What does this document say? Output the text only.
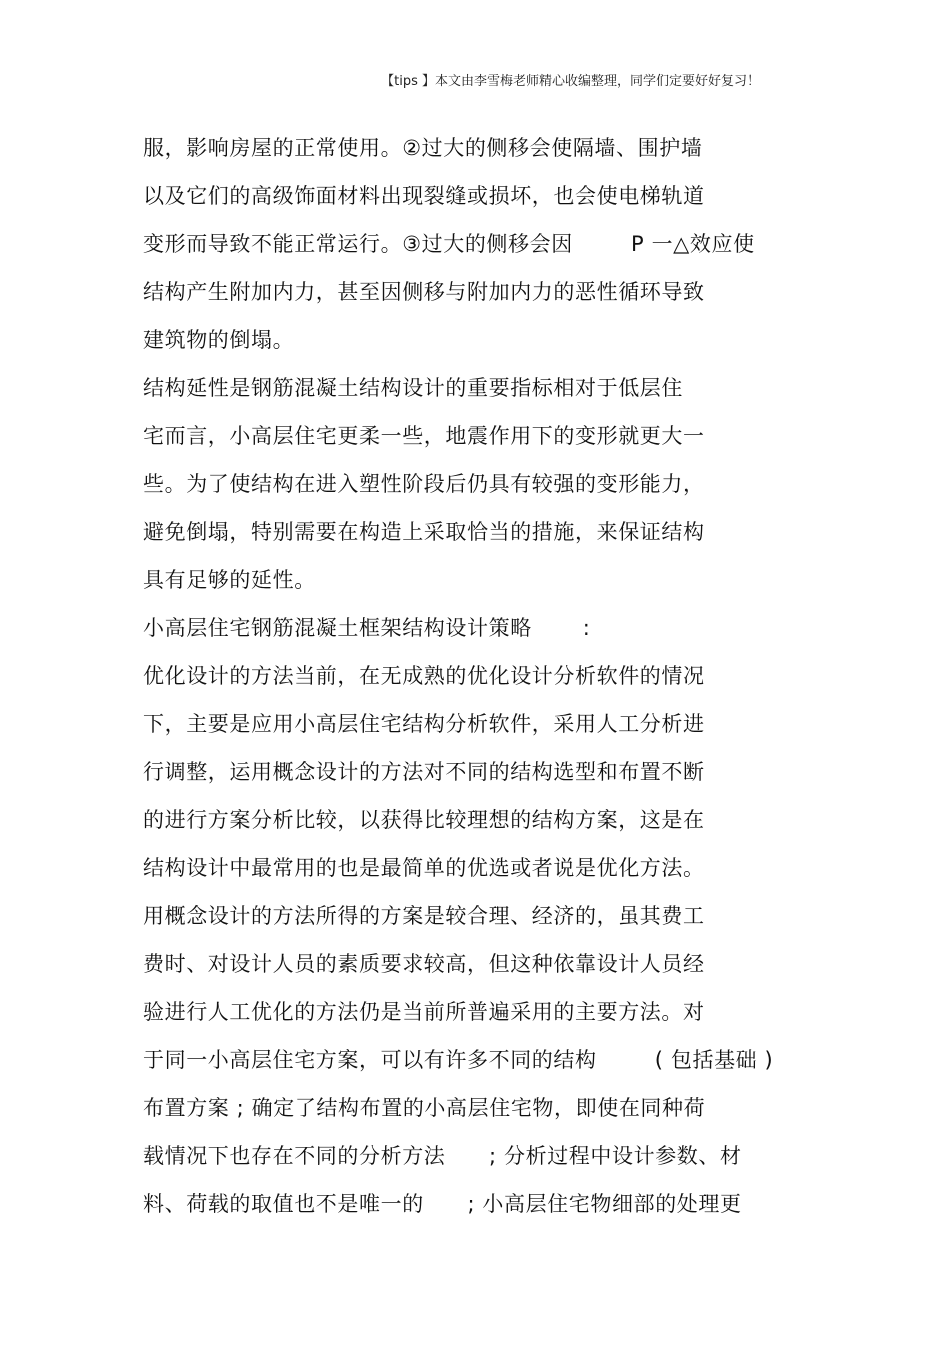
【tips 】本文由李雪梅老师精心收编整理，同学们定要好好复习！
服，影响房屋的正常使用。②过大的侧移会使隔墙、围护墙
以及它们的高级饰面材料出现裂缝或损坏，也会使电梯轨道
变形而导致不能正常运行。③过大的侧移会因        P 一△效应使
结构产生附加内力，甚至因侧移与附加内力的恶性循环导致
建筑物的倒塌。
结构延性是钢筋混凝土结构设计的重要指标相对于低层住
宅而言，小高层住宅更柔一些，地震作用下的变形就更大一
些。为了使结构在进入塑性阶段后仍具有较强的变形能力，
避免倒塌，特别需要在构造上采取恰当的措施，来保证结构
具有足够的延性。
小高层住宅钢筋混凝土框架结构设计策略       :
优化设计的方法当前，在无成熟的优化设计分析软件的情况
下，主要是应用小高层住宅结构分析软件，采用人工分析进
行调整，运用概念设计的方法对不同的结构选型和布置不断
的进行方案分析比较，以获得比较理想的结构方案，这是在
结构设计中最常用的也是最简单的优选或者说是优化方法。
用概念设计的方法所得的方案是较合理、经济的，虽其费工
费时、对设计人员的素质要求较高，但这种依靠设计人员经
验进行人工优化的方法仍是当前所普遍采用的主要方法。对
于同一小高层住宅方案，可以有许多不同的结构        ( 包括基础 )
布置方案 ; 确定了结构布置的小高层住宅物，即使在同种荷
载情况下也存在不同的分析方法      ; 分析过程中设计参数、材
料、荷载的取值也不是唯一的      ; 小高层住宅物细部的处理更
